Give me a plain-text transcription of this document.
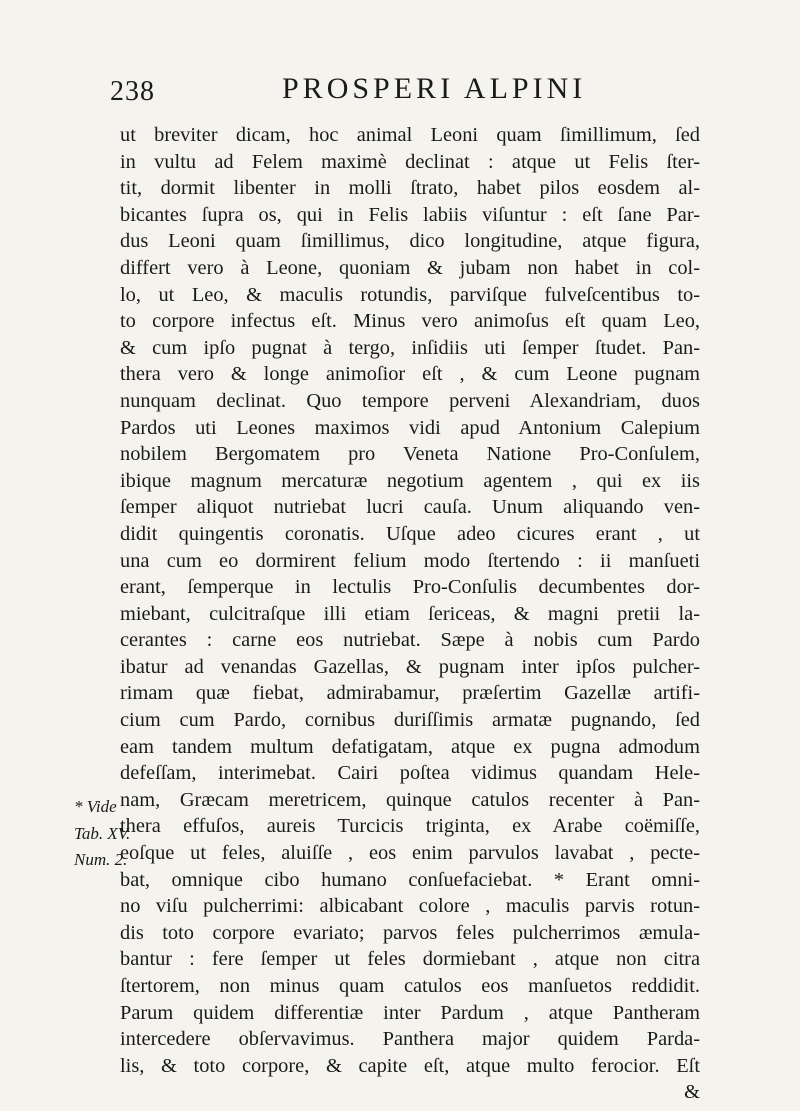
238	PROSPERI ALPINI
ut breviter dicam, hoc animal Leoni quam ſimillimum, ſed
in vultu ad Felem maximè declinat : atque ut Felis ſter-
tit, dormit libenter in molli ſtrato, habet pilos eosdem al-
bicantes ſupra os, qui in Felis labiis viſuntur : eſt ſane Par-
dus Leoni quam ſimillimus, dico longitudine, atque figura,
differt vero à Leone, quoniam & jubam non habet in col-
lo, ut Leo, & maculis rotundis, parviſque fulveſcentibus to-
to corpore infectus eſt. Minus vero animoſus eſt quam Leo,
& cum ipſo pugnat à tergo, inſidiis uti ſemper ſtudet. Pan-
thera vero & longe animoſior eſt , & cum Leone pugnam
nunquam declinat. Quo tempore perveni Alexandriam, duos
Pardos uti Leones maximos vidi apud Antonium Calepium
nobilem Bergomatem pro Veneta Natione Pro-Conſulem,
ibique magnum mercaturæ negotium agentem , qui ex iis
ſemper aliquot nutriebat lucri cauſa. Unum aliquando ven-
didit quingentis coronatis. Uſque adeo cicures erant , ut
una cum eo dormirent felium modo ſtertendo : ii manſueti
erant, ſemperque in lectulis Pro-Conſulis decumbentes dor-
miebant, culcitraſque illi etiam ſericeas, & magni pretii la-
cerantes : carne eos nutriebat. Sæpe à nobis cum Pardo
ibatur ad venandas Gazellas, & pugnam inter ipſos pulcher-
rimam quæ fiebat, admirabamur, præſertim Gazellæ artifi-
cium cum Pardo, cornibus duriſſimis armatæ pugnando, ſed
eam tandem multum defatigatam, atque ex pugna admodum
defeſſam, interimebat. Cairi poſtea vidimus quandam Hele-
nam, Græcam meretricem, quinque catulos recenter à Pan-
thera effuſos, aureis Turcicis triginta, ex Arabe coëmiſſe,
eoſque ut feles, aluiſſe , eos enim parvulos lavabat , pecte-
bat, omnique cibo humano conſuefaciebat. * Erant omni-
no viſu pulcherrimi: albicabant colore , maculis parvis rotun-
dis toto corpore evariato; parvos feles pulcherrimos æmula-
bantur : fere ſemper ut feles dormiebant , atque non citra
ſtertorem, non minus quam catulos eos manſuetos reddidit.
Parum quidem differentiæ inter Pardum , atque Pantheram
intercedere obſervavimus. Panthera major quidem Parda-
lis, & toto corpore, & capite eſt, atque multo ferocior. Eſt
&
* Vide
Tab. XV.
Num. 2.
